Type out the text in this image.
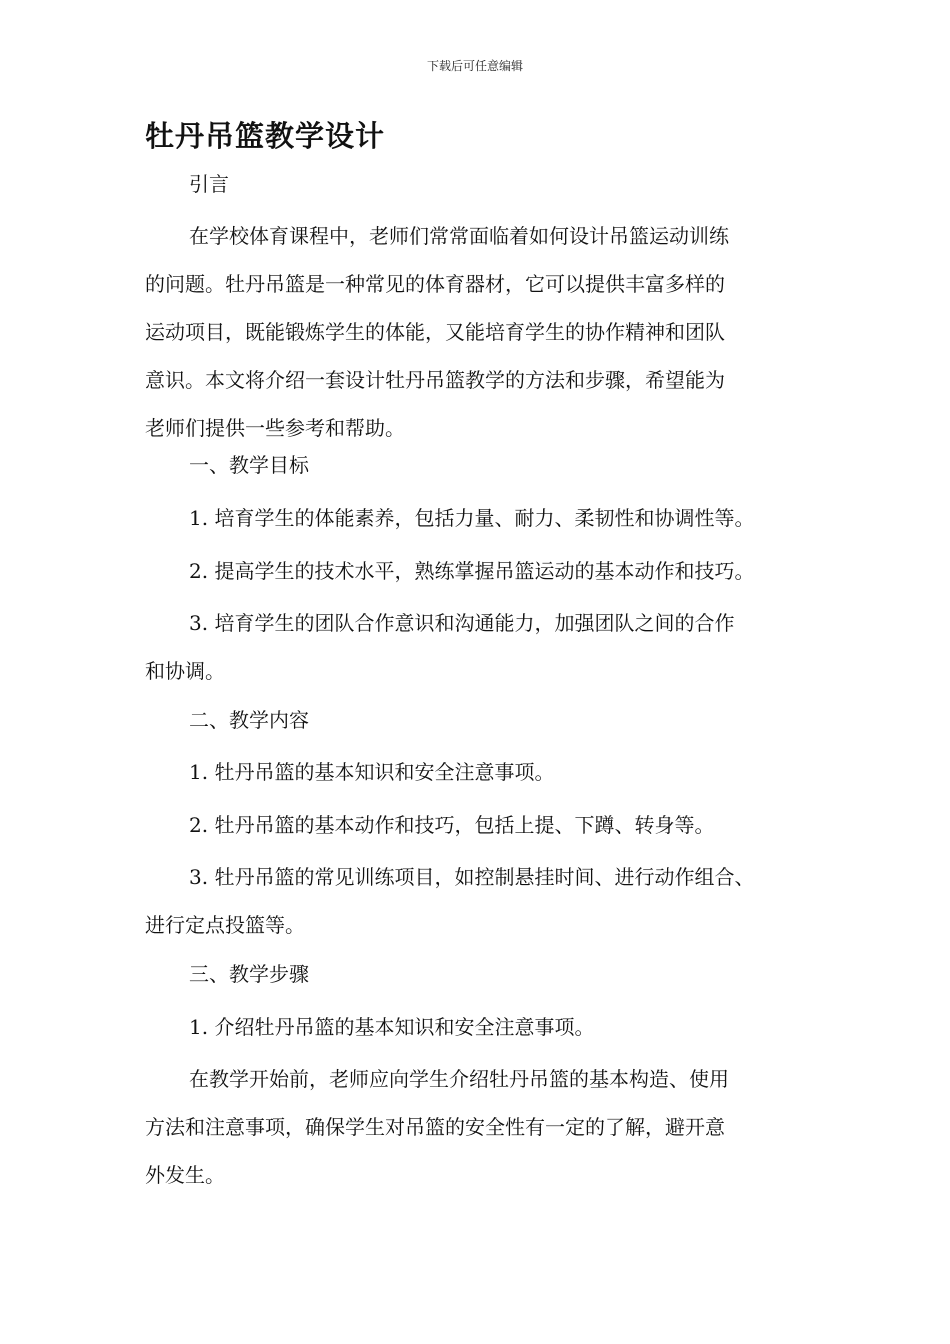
下载后可任意编辑
牡丹吊篮教学设计
引言
在学校体育课程中，老师们常常面临着如何设计吊篮运动训练
的问题。牡丹吊篮是一种常见的体育器材，它可以提供丰富多样的
运动项目，既能锻炼学生的体能，又能培育学生的协作精神和团队
意识。本文将介绍一套设计牡丹吊篮教学的方法和步骤，希望能为
老师们提供一些参考和帮助。
一、教学目标
1. 培育学生的体能素养，包括力量、耐力、柔韧性和协调性等。
2. 提高学生的技术水平，熟练掌握吊篮运动的基本动作和技巧。
3. 培育学生的团队合作意识和沟通能力，加强团队之间的合作
和协调。
二、教学内容
1. 牡丹吊篮的基本知识和安全注意事项。
2. 牡丹吊篮的基本动作和技巧，包括上提、下蹲、转身等。
3. 牡丹吊篮的常见训练项目，如控制悬挂时间、进行动作组合、
进行定点投篮等。
三、教学步骤
1. 介绍牡丹吊篮的基本知识和安全注意事项。
在教学开始前，老师应向学生介绍牡丹吊篮的基本构造、使用
方法和注意事项，确保学生对吊篮的安全性有一定的了解，避开意
外发生。
